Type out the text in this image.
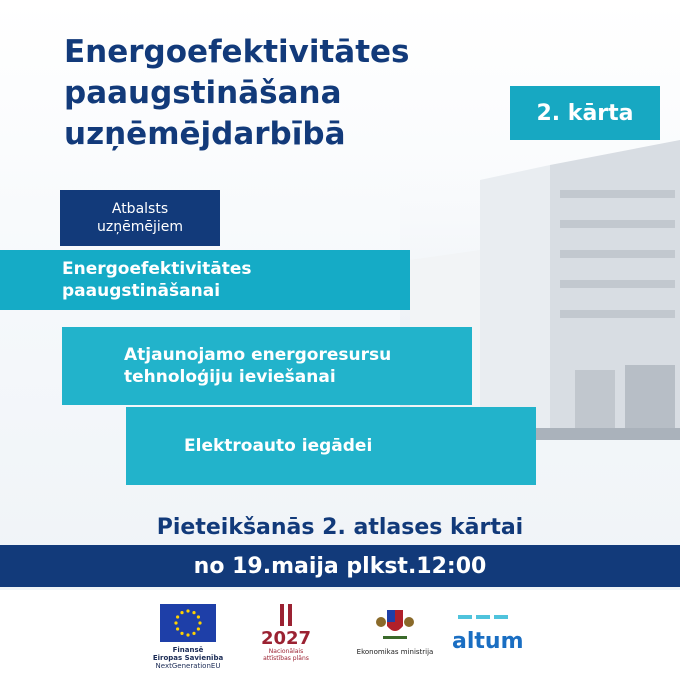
Energoefektivitātes
paaugstināšana
uzņēmējdarbībā
2. kārta
Atbalsts
uzņēmējiem
Energoefektivitātes
paaugstināšanai
Atjaunojamo energoresursu
tehnoloģiju ieviešanai
Elektroauto iegādei
Pieteikšanās 2. atlases kārtai
no 19.maija plkst.12:00
Finansē
Eiropas Savienība
NextGenerationEU
2027
Nacionālais
attīstības plāns
Ekonomikas ministrija altum
